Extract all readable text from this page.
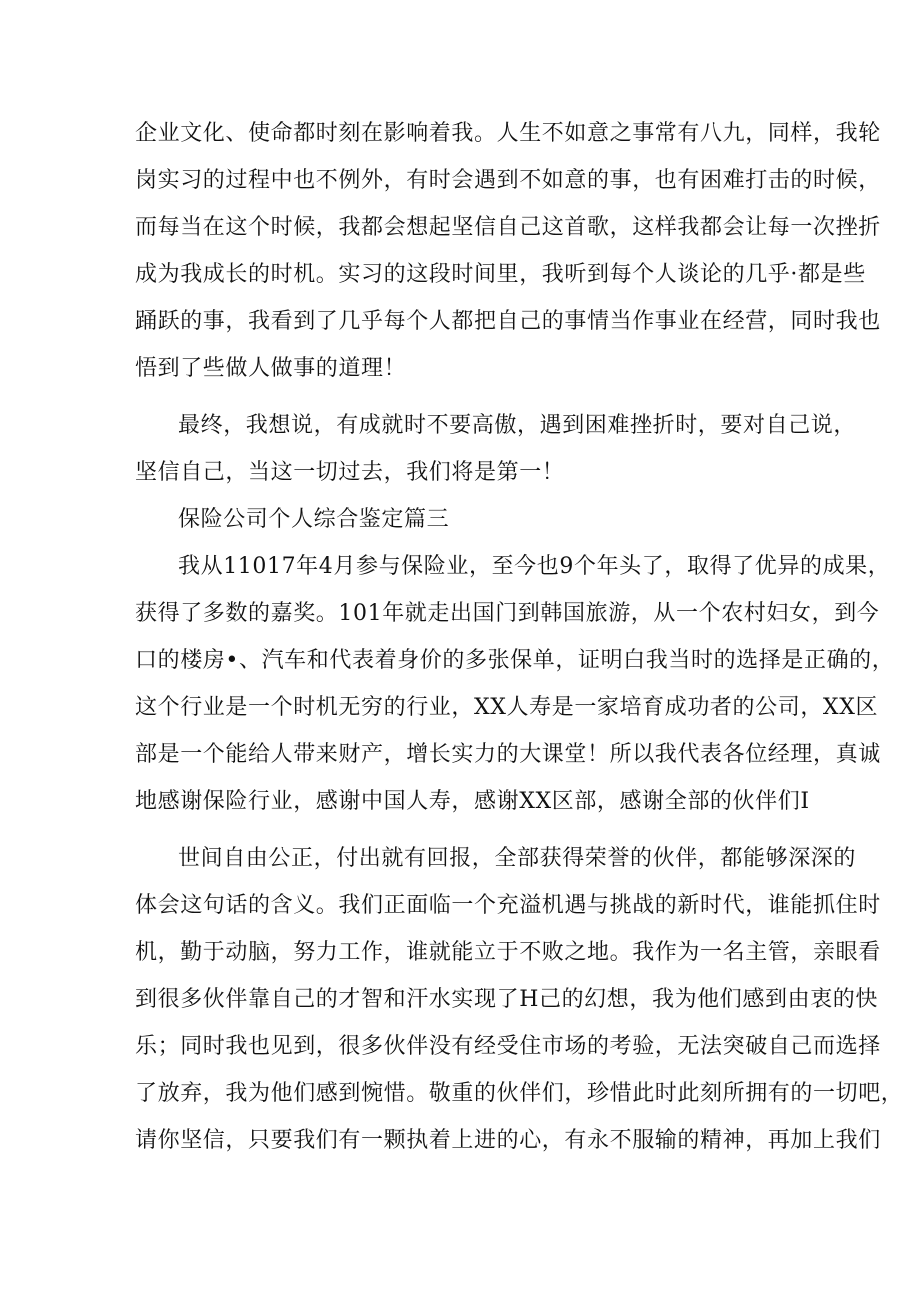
企业文化、使命都时刻在影响着我。人生不如意之事常有八九，同样，我轮
岗实习的过程中也不例外，有时会遇到不如意的事，也有困难打击的时候，
而每当在这个时候，我都会想起坚信自己这首歌，这样我都会让每一次挫折
成为我成长的时机。实习的这段时间里，我听到每个人谈论的几乎·都是些
踊跃的事，我看到了几乎每个人都把自己的事情当作事业在经营，同时我也
悟到了些做人做事的道理！
最终，我想说，有成就时不要高傲，遇到困难挫折时，要对自己说，
坚信自己，当这一切过去，我们将是第一！
保险公司个人综合鉴定篇三
我从11017年4月参与保险业，至今也9个年头了，取得了优异的成果，
获得了多数的嘉奖。101年就走出国门到韩国旅游，从一个农村妇女，到今
口的楼房•、汽车和代表着身价的多张保单，证明白我当时的选择是正确的，
这个行业是一个时机无穷的行业，XX人寿是一家培育成功者的公司，XX区
部是一个能给人带来财产，增长实力的大课堂！所以我代表各位经理，真诚
地感谢保险行业，感谢中国人寿，感谢XX区部，感谢全部的伙伴们I
世间自由公正，付出就有回报，全部获得荣誉的伙伴，都能够深深的
体会这句话的含义。我们正面临一个充溢机遇与挑战的新时代，谁能抓住时
机，勤于动脑，努力工作，谁就能立于不败之地。我作为一名主管，亲眼看
到很多伙伴靠自己的才智和汗水实现了H己的幻想，我为他们感到由衷的快
乐；同时我也见到，很多伙伴没有经受住市场的考验，无法突破自己而选择
了放弃，我为他们感到惋惜。敬重的伙伴们，珍惜此时此刻所拥有的一切吧，
请你坚信，只要我们有一颗执着上进的心，有永不服输的精神，再加上我们
